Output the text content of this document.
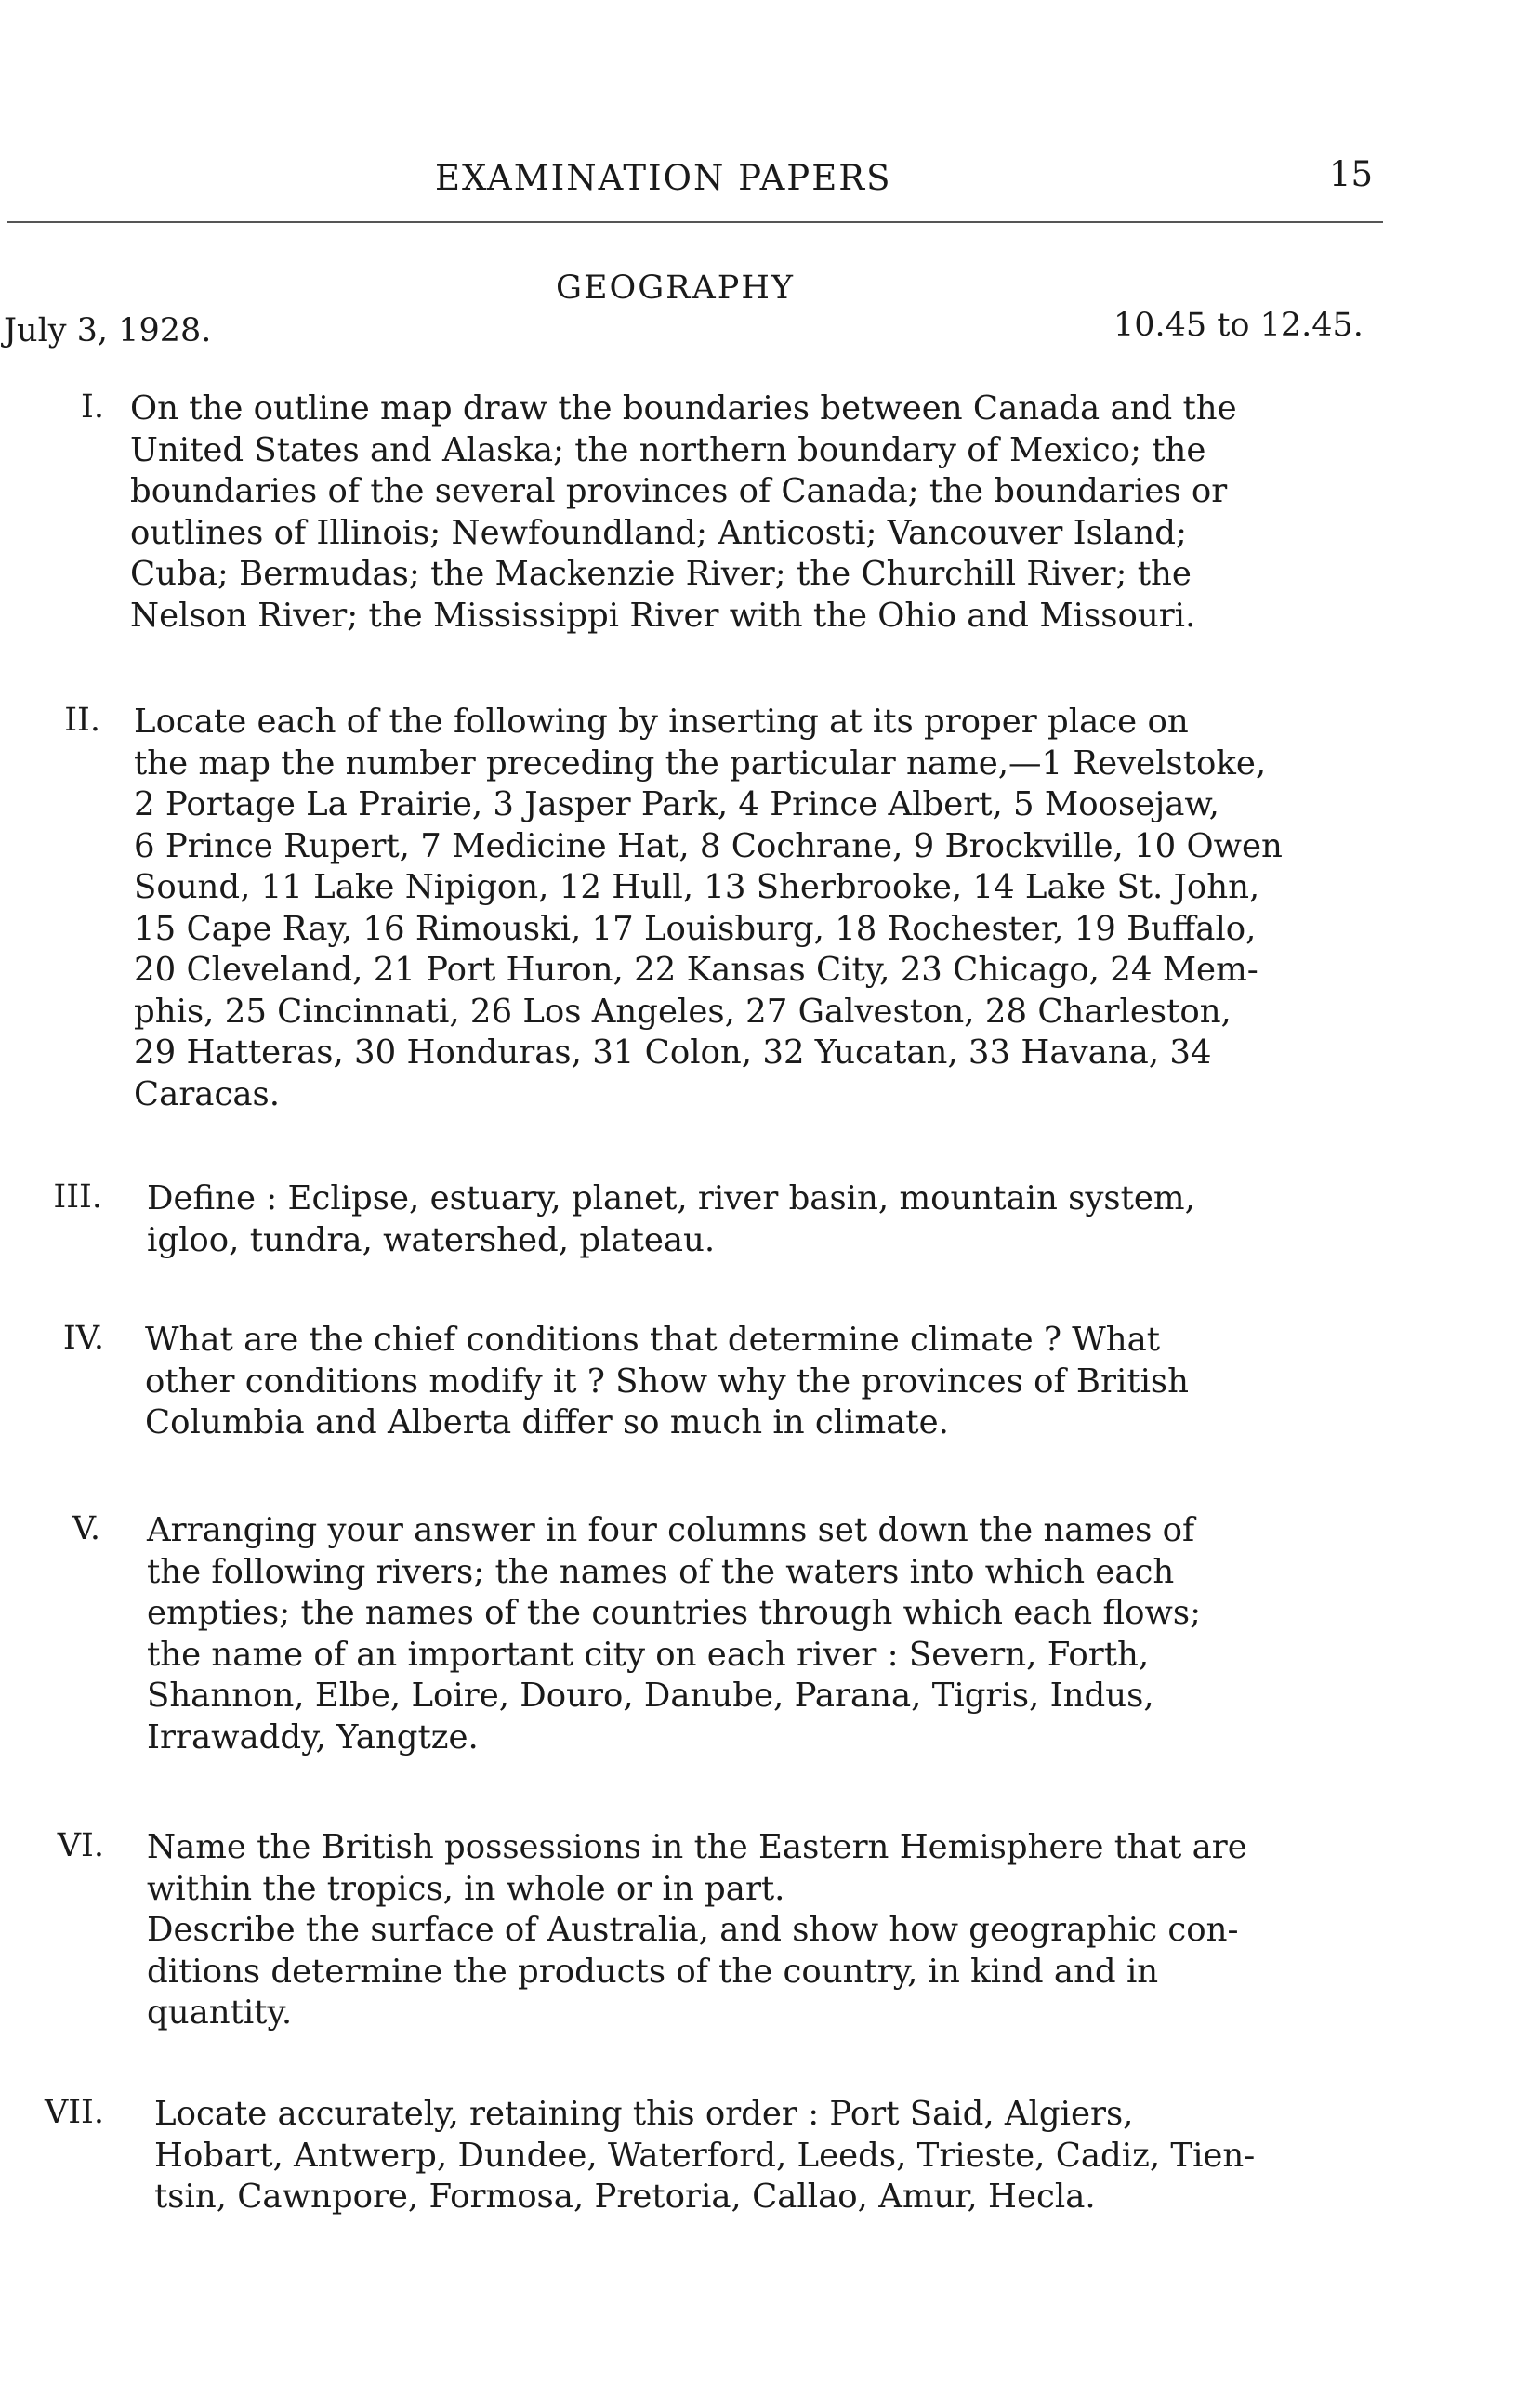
EXAMINATION PAPERS	15
GEOGRAPHY
July 3, 1928.	10.45 to 12.45.
I. On the outline map draw the boundaries between Canada and the
United States and Alaska; the northern boundary of Mexico; the
boundaries of the several provinces of Canada; the boundaries or
outlines of Illinois; Newfoundland; Anticosti; Vancouver Island;
Cuba; Bermudas; the Mackenzie River; the Churchill River; the
Nelson River; the Mississippi River with the Ohio and Missouri.
II. Locate each of the following by inserting at its proper place on
the map the number preceding the particular name,—1 Revelstoke,
2 Portage La Prairie, 3 Jasper Park, 4 Prince Albert, 5 Moosejaw,
6 Prince Rupert, 7 Medicine Hat, 8 Cochrane, 9 Brockville, 10 Owen
Sound, 11 Lake Nipigon, 12 Hull, 13 Sherbrooke, 14 Lake St. John,
15 Cape Ray, 16 Rimouski, 17 Louisburg, 18 Rochester, 19 Buffalo,
20 Cleveland, 21 Port Huron, 22 Kansas City, 23 Chicago, 24 Mem-
phis, 25 Cincinnati, 26 Los Angeles, 27 Galveston, 28 Charleston,
29 Hatteras, 30 Honduras, 31 Colon, 32 Yucatan, 33 Havana, 34
Caracas.
III. Define : Eclipse, estuary, planet, river basin, mountain system,
igloo, tundra, watershed, plateau.
IV. What are the chief conditions that determine climate ? What
other conditions modify it ? Show why the provinces of British
Columbia and Alberta differ so much in climate.
V. Arranging your answer in four columns set down the names of
the following rivers; the names of the waters into which each
empties; the names of the countries through which each flows;
the name of an important city on each river : Severn, Forth,
Shannon, Elbe, Loire, Douro, Danube, Parana, Tigris, Indus,
Irrawaddy, Yangtze.
VI. Name the British possessions in the Eastern Hemisphere that are
within the tropics, in whole or in part.
Describe the surface of Australia, and show how geographic con-
ditions determine the products of the country, in kind and in
quantity.
VII. Locate accurately, retaining this order : Port Said, Algiers,
Hobart, Antwerp, Dundee, Waterford, Leeds, Trieste, Cadiz, Tien-
tsin, Cawnpore, Formosa, Pretoria, Callao, Amur, Hecla.
